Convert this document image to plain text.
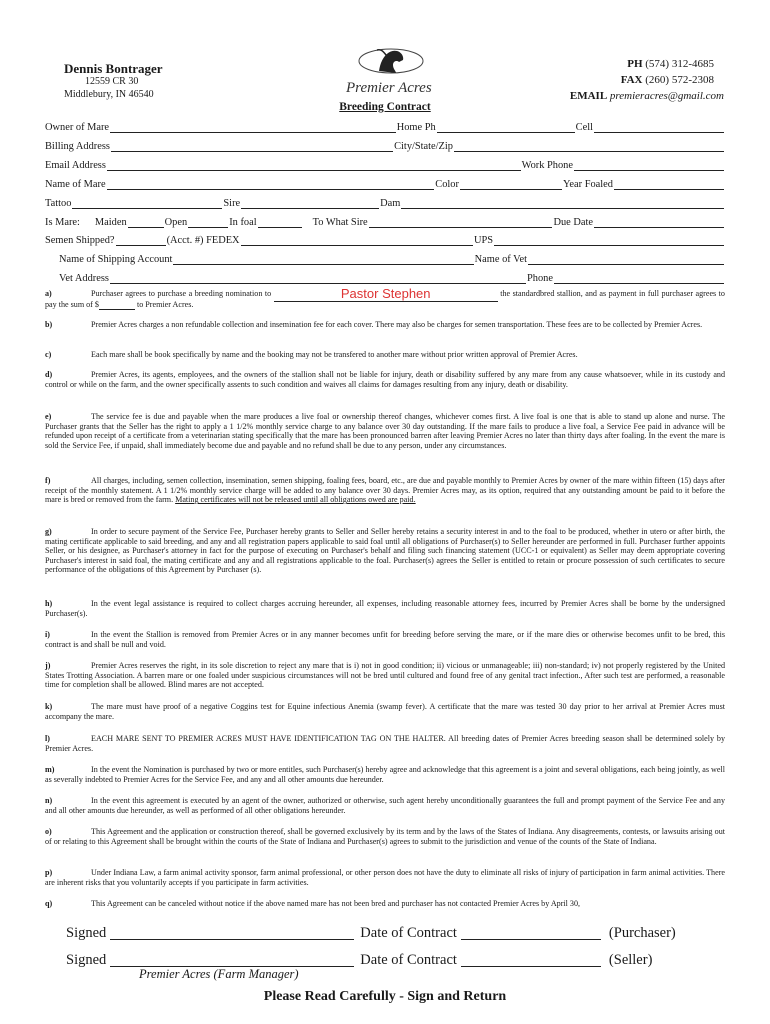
Dennis Bontrager
12559 CR 30
Middlebury, IN 46540	Premier Acres
PH (574) 312-4685
FAX (260) 572-2308
EMAIL premieracres@gmail.com
Breeding Contract
Owner of Mare	Home Ph	Cell
Billing Address	City/State/Zip
Email Address	Work Phone
Name of Mare	Color	Year Foaled
Tattoo	Sire	Dam
Is Mare: Maiden	Open	In foal	To What Sire	Due Date
Semen Shipped?	(Acct. #) FEDEX	UPS
Name of Shipping Account	Name of Vet
Vet Address	Phone
a)	Purchaser agrees to purchase a breeding nomination to	Pastor Stephen	the standardbred stallion, and as payment in full purchaser agrees to pay the sum of $	to Premier Acres.
b)	Premier Acres charges a non refundable collection and insemination fee for each cover. There may also be charges for semen transportation. These fees are to be collected by Premier Acres.
c)	Each mare shall be book specifically by name and the booking may not be transfered to another mare without prior written approval of Premier Acres.
d)	Premier Acres, its agents, employees, and the owners of the stallion shall not be liable for injury, death or disability suffered by any mare from any cause whatsoever, while in its custody and control or while on the farm, and the owner specifically assents to such condition and waives all claims for damages resulting from any injury, death or disability.
e)	The service fee is due and payable when the mare produces a live foal or ownership thereof changes, whichever comes first. A live foal is one that is able to stand up alone and nurse. The Purchaser grants that the Seller has the right to apply a 1 1/2% monthly service charge to any balance over 30 day outstanding. If the mare fails to produce a live foal, a Service Fee paid in advance will be refunded upon receipt of a certificate from a veterinarian stating specifically that the mare has been pronounced barren after leaving Premier Acres no later than thirty days after foaling. In the event the mare is sold the Service Fee, if unpaid, shall immediately become due and payable and no refund shall be due to any person, under any circumstances.
f)	All charges, including, semen collection, insemination, semen shipping, foaling fees, board, etc., are due and payable monthly to Premier Acres by owner of the mare within fifteen (15) days after receipt of the monthly statement. A 1 1/2% monthly service charge will be added to any balance over 30 days. Premier Acres may, as its option, required that any outstanding amount be paid to it before the mare is bred or removed from the farm. Mating certificates will not be released until all obligations owed are paid.
g)	In order to secure payment of the Service Fee, Purchaser hereby grants to Seller and Seller hereby retains a security interest in and to the foal to be produced, whether in utero or after birth, the mating certificate applicable to said breeding, and any and all registration papers applicable to said foal until all obligations of Purchaser(s) to Seller hereunder are performed in full. Purchaser further appoints Seller, or his designee, as Purchaser's attorney in fact for the purpose of executing on Purchaser's behalf and filing such financing statement (UCC-1 or equivalent) as Seller may deem appropriate covering Purchaser's interest in said foal, the mating certificate and any and all registrations applicable to the foal. Purchaser(s) agrees the Seller is entitled to retain or procure possession of such certificates to secure performance of the obligations of this Agreement by Purchaser (s).
h)	In the event legal assistance is required to collect charges accruing hereunder, all expenses, including reasonable attorney fees, incurred by Premier Acres shall be borne by the undersigned Purchaser(s).
i)	In the event the Stallion is removed from Premier Acres or in any manner becomes unfit for breeding before serving the mare, or if the mare dies or otherwise becomes unfit to be bred, this contract is and shall be null and void.
j)	Premier Acres reserves the right, in its sole discretion to reject any mare that is i) not in good condition; ii) vicious or unmanageable; iii) non-standard; iv) not properly registered by the United States Trotting Association. A barren mare or one foaled under suspicious circumstances will not be bred until cultured and found free of any genital tract infection., After such test are performed, a reasonable time for completion shall be allowed. Blind mares are not accepted.
k)	The mare must have proof of a negative Coggins test for Equine infectious Anemia (swamp fever). A certificate that the mare was tested 30 day prior to her arrival at Premier Acres must accompany the mare.
l)	EACH MARE SENT TO PREMIER ACRES MUST HAVE IDENTIFICATION TAG ON THE HALTER. All breeding dates of Premier Acres breeding season shall be determined solely by Premier Acres.
m)	In the event the Nomination is purchased by two or more entitles, such Purchaser(s) hereby agree and acknowledge that this agreement is a joint and several obligations, each being jointly, as well as severally indebted to Premier Acres for the Service Fee, and any and all other amounts due hereunder.
n)	In the event this agreement is executed by an agent of the owner, authorized or otherwise, such agent hereby unconditionally guarantees the full and prompt payment of the Service Fee and any and all other amounts due hereunder, as well as performed of all other obligations hereunder.
o)	This Agreement and the application or construction thereof, shall be governed exclusively by its term and by the laws of the States of Indiana. Any disagreements, contests, or lawsuits arising out of or relating to this Agreement shall be brought within the courts of the State of Indiana and Purchaser(s) agrees to submit to the jurisdiction and venue of the counts of the State of Indiana.
p)	Under Indiana Law, a farm animal activity sponsor, farm animal professional, or other person does not have the duty to eliminate all risks of injury of participation in farm animal activities. There are inherent risks that you voluntarily accepts if you participate in farm activities.
q)	This Agreement can be canceled without notice if the above named mare has not been bred and purchaser has not contacted Premier Acres by April 30,
Signed	Date of Contract	(Purchaser)
Signed	Date of Contract	(Seller)
Premier Acres (Farm Manager)
Please Read Carefully - Sign and Return
